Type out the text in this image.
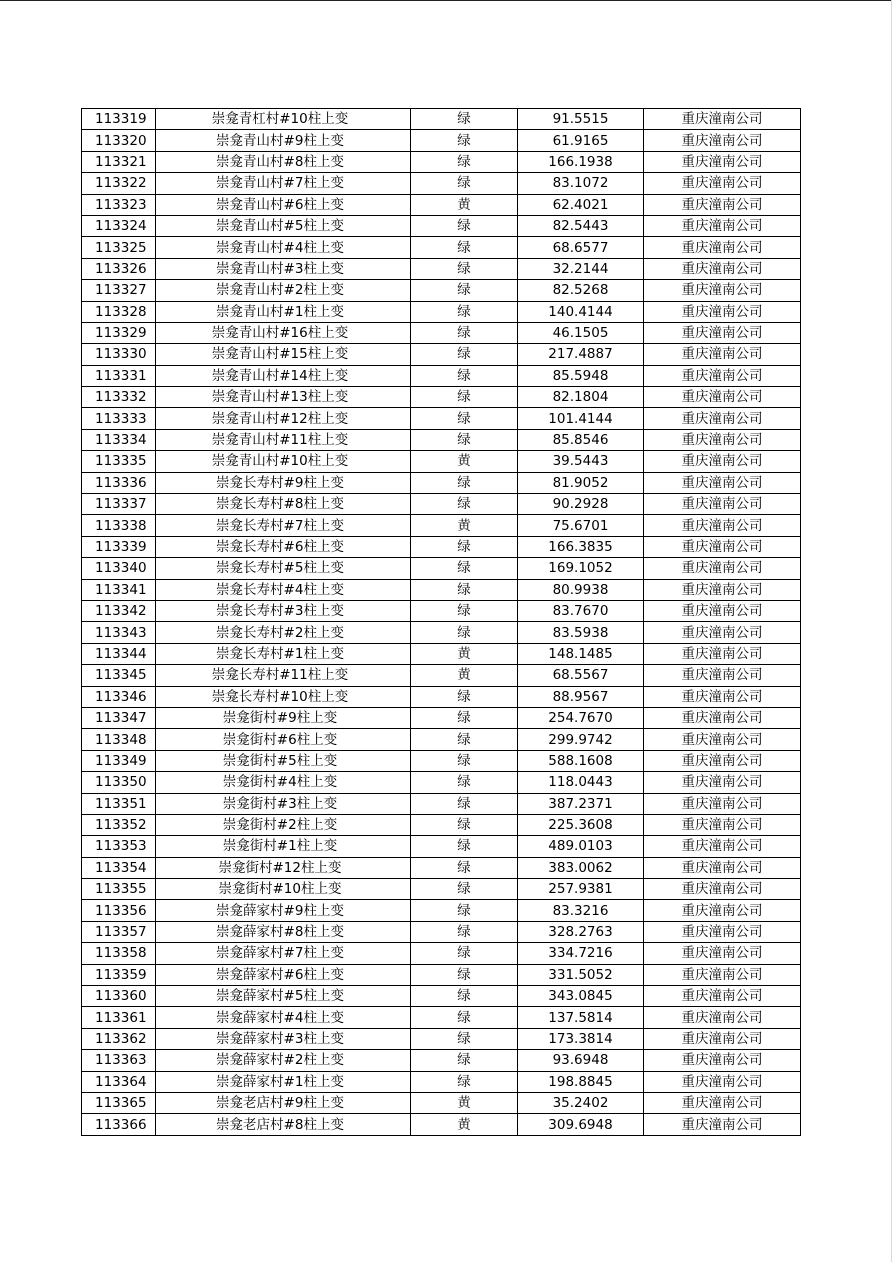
113319	崇龛青杠村#10柱上变	绿	91.5515	重庆潼南公司
113320	崇龛青山村#9柱上变	绿	61.9165	重庆潼南公司
113321	崇龛青山村#8柱上变	绿	166.1938	重庆潼南公司
113322	崇龛青山村#7柱上变	绿	83.1072	重庆潼南公司
113323	崇龛青山村#6柱上变	黄	62.4021	重庆潼南公司
113324	崇龛青山村#5柱上变	绿	82.5443	重庆潼南公司
113325	崇龛青山村#4柱上变	绿	68.6577	重庆潼南公司
113326	崇龛青山村#3柱上变	绿	32.2144	重庆潼南公司
113327	崇龛青山村#2柱上变	绿	82.5268	重庆潼南公司
113328	崇龛青山村#1柱上变	绿	140.4144	重庆潼南公司
113329	崇龛青山村#16柱上变	绿	46.1505	重庆潼南公司
113330	崇龛青山村#15柱上变	绿	217.4887	重庆潼南公司
113331	崇龛青山村#14柱上变	绿	85.5948	重庆潼南公司
113332	崇龛青山村#13柱上变	绿	82.1804	重庆潼南公司
113333	崇龛青山村#12柱上变	绿	101.4144	重庆潼南公司
113334	崇龛青山村#11柱上变	绿	85.8546	重庆潼南公司
113335	崇龛青山村#10柱上变	黄	39.5443	重庆潼南公司
113336	崇龛长寿村#9柱上变	绿	81.9052	重庆潼南公司
113337	崇龛长寿村#8柱上变	绿	90.2928	重庆潼南公司
113338	崇龛长寿村#7柱上变	黄	75.6701	重庆潼南公司
113339	崇龛长寿村#6柱上变	绿	166.3835	重庆潼南公司
113340	崇龛长寿村#5柱上变	绿	169.1052	重庆潼南公司
113341	崇龛长寿村#4柱上变	绿	80.9938	重庆潼南公司
113342	崇龛长寿村#3柱上变	绿	83.7670	重庆潼南公司
113343	崇龛长寿村#2柱上变	绿	83.5938	重庆潼南公司
113344	崇龛长寿村#1柱上变	黄	148.1485	重庆潼南公司
113345	崇龛长寿村#11柱上变	黄	68.5567	重庆潼南公司
113346	崇龛长寿村#10柱上变	绿	88.9567	重庆潼南公司
113347	崇龛街村#9柱上变	绿	254.7670	重庆潼南公司
113348	崇龛街村#6柱上变	绿	299.9742	重庆潼南公司
113349	崇龛街村#5柱上变	绿	588.1608	重庆潼南公司
113350	崇龛街村#4柱上变	绿	118.0443	重庆潼南公司
113351	崇龛街村#3柱上变	绿	387.2371	重庆潼南公司
113352	崇龛街村#2柱上变	绿	225.3608	重庆潼南公司
113353	崇龛街村#1柱上变	绿	489.0103	重庆潼南公司
113354	崇龛街村#12柱上变	绿	383.0062	重庆潼南公司
113355	崇龛街村#10柱上变	绿	257.9381	重庆潼南公司
113356	崇龛薛家村#9柱上变	绿	83.3216	重庆潼南公司
113357	崇龛薛家村#8柱上变	绿	328.2763	重庆潼南公司
113358	崇龛薛家村#7柱上变	绿	334.7216	重庆潼南公司
113359	崇龛薛家村#6柱上变	绿	331.5052	重庆潼南公司
113360	崇龛薛家村#5柱上变	绿	343.0845	重庆潼南公司
113361	崇龛薛家村#4柱上变	绿	137.5814	重庆潼南公司
113362	崇龛薛家村#3柱上变	绿	173.3814	重庆潼南公司
113363	崇龛薛家村#2柱上变	绿	93.6948	重庆潼南公司
113364	崇龛薛家村#1柱上变	绿	198.8845	重庆潼南公司
113365	崇龛老店村#9柱上变	黄	35.2402	重庆潼南公司
113366	崇龛老店村#8柱上变	黄	309.6948	重庆潼南公司
